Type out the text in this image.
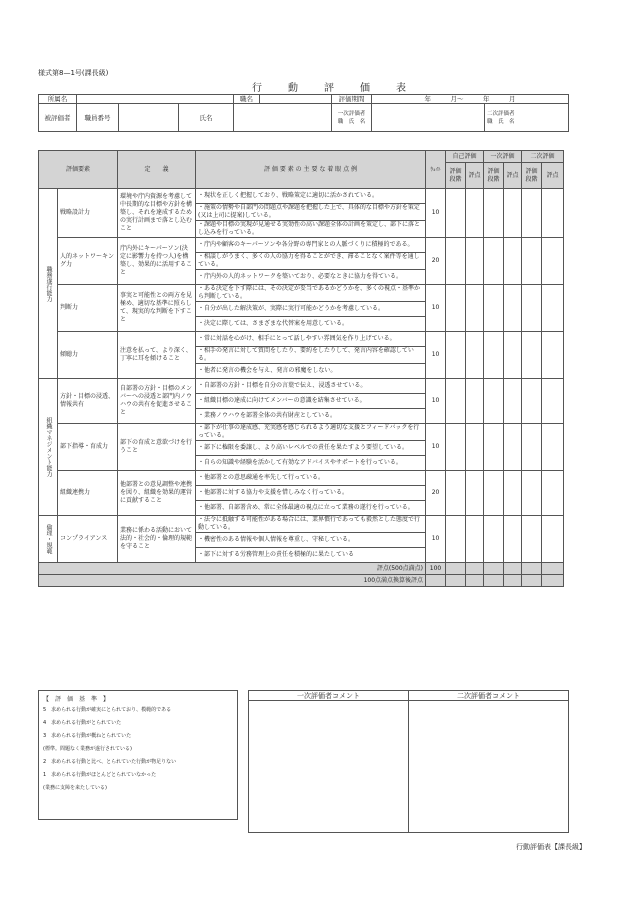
様式第8—1号(課長級)
行　　動　　評　　価　　表
所属名				職名		評価期間	年　　　月～　　　年　　　月	
被評価者	職員番号		氏名			一次評価者
職　氏　名		二次評価者
職　氏　名
評価要素		定　　義	評 価 要 素 の 主 要 な 着 眼 点 例	ｳｪｲﾄ	自己評価		一次評価		二次評価	
					評価段階	評点	評価段階	評点	評価段階	評点
職務遂行能力	戦略設計力	環境や庁内資源を考慮して中長期的な目標や方針を構築し、それを達成するための実行計画まで落とし込むこと	・現状を正しく把握しており、戦略策定に適切に活かされている。	10						
			・施策の情勢や自部門の問題点や課題を把握した上で、具体的な目標や方針を策定(又は上司に提案)している。							
			・課題や目標の実現が見通せる実効性の高い課題全体の計画を策定し、部下に落とし込みを行っている。							
	人的ネットワーキング力	庁内外にキーパーソン(決定に影響力を持つ人)を構築し、効果的に活用すること	・庁内や顧客のキーパーソンや各分野の専門家との人脈づくりに積極的である。	20						
			・相談しがうまく、多くの人の協力を得ることができ、滞ることなく案件等を通している。							
			・庁内外の人的ネットワークを築いており、必要なときに協力を得ている。							
	判断力	事実と可能性との両方を見極め、適切な基準に照らして、現実的な判断を下すこと	・ある決定を下す際には、その決定が妥当であるかどうかを、多くの視点・基準から判断している。	10						
			・自分が出した解決策が、実際に実行可能かどうかを考慮している。							
			・決定に際しては、さまざまな代替案を用意している。							
	傾聴力	注意を払って、より深く、丁寧に耳を傾けること	・常に対話を心がけ、相手にとって話しやすい雰囲気を作り上げている。	10						
			・相手の発言に対して質問をしたり、要約をしたりして、発言内容を確認している。							
			・他者に発言の機会を与え、発言の邪魔をしない。							
組織マネジメント能力	方針・目標の浸透、情報共有	自部署の方針・目標のメンバーへの浸透と部門内ノウハウの共有を促進させること	・自部署の方針・目標を自分の言葉で伝え、浸透させている。	10						
			・組織目標の達成に向けてメンバーの意識を結集させている。							
			・業務ノウハウを部署全体の共有財産としている。							
	部下指導・育成力	部下の育成と意欲づけを行うこと	・部下が仕事の達成感、充実感を感じられるよう適切な支援とフィードバックを行っている。	10						
			・部下に権限を委譲し、より高いレベルでの責任を果たすよう要望している。							
			・自らの知識や経験を活かして有効なアドバイスやサポートを行っている。							
	組織連携力	他部署との意見調整や連携を図り、組織を効果的運営に貢献すること	・他部署との意思疎通を率先して行っている。	20						
			・他部署に対する協力や支援を惜しみなく行っている。							
			・他部署、自部署含め、常に全体最適の視点に立って業務の遂行を行っている。							
倫理・規範	コンプライアンス	業務に係わる活動において法的・社会的・倫理的規範を守ること	・法令に抵触する可能性がある場合には、業界慣行であっても毅然とした態度で行動している。	10						
			・機密性のある情報や個人情報を尊重し、守秘している。							
			・部下に対する労務管理上の責任を積極的に果たしている							
評点(500点満点)				100						
100点満点換算後評点										
【　評　価　基　準　】
5　求められる行動が確実にとられており、模範的である
4　求められる行動がとられていた
3　求められる行動が概ねとられていた
(標準。問題なく業務が遂行されている)
2　求められる行動と比べ、とられていた行動が物足りない
1　求められる行動がほとんどとられていなかった
(業務に支障を来たしている)
一次評価者コメント	二次評価者コメント

行動評価表【課長級】
